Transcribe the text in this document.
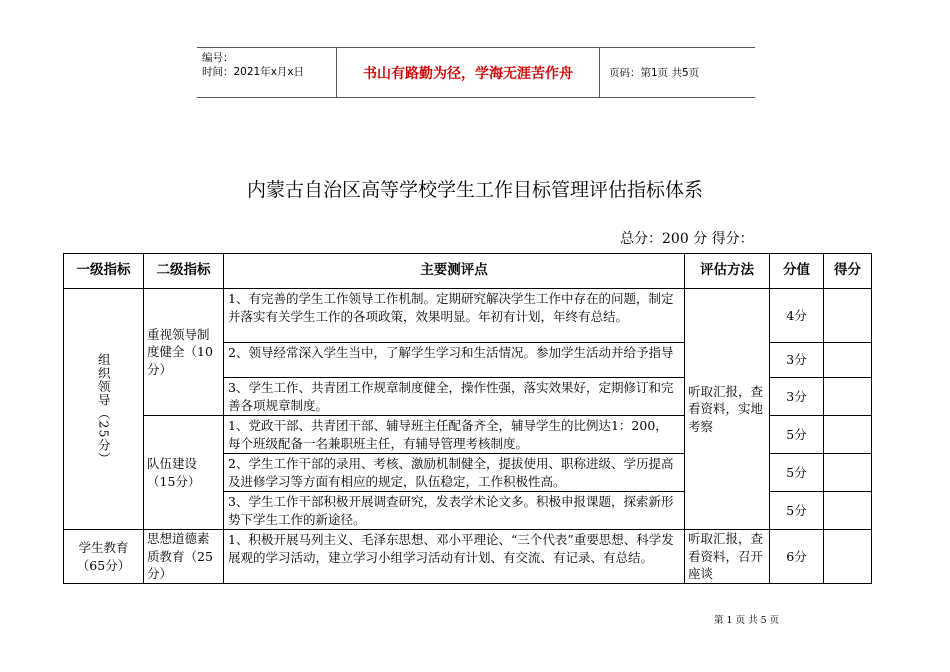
编号：
时间：2021年x月x日	书山有路勤为径，学海无涯苦作舟	页码：第1页 共5页
内蒙古自治区高等学校学生工作目标管理评估指标体系
总分：200 分 得分：
一级指标	二级指标	主要测评点	评估方法	分值	得分
组织领导（25分）	重视领导制度健全（10分）	1、有完善的学生工作领导工作机制。定期研究解决学生工作中存在的问题，制定并落实有关学生工作的各项政策，效果明显。年初有计划，年终有总结。	听取汇报，查看资料，实地考察	4分	
		2、领导经常深入学生当中，了解学生学习和生活情况。参加学生活动并给予指导		3分	
		3、学生工作、共青团工作规章制度健全，操作性强，落实效果好，定期修订和完善各项规章制度。		3分	
	队伍建设（15分）	1、党政干部、共青团干部、辅导班主任配备齐全，辅导学生的比例达1：200，每个班级配备一名兼职班主任，有辅导管理考核制度。		5分	
		2、学生工作干部的录用、考核、激励机制健全，提拔使用、职称进级、学历提高及进修学习等方面有相应的规定，队伍稳定，工作积极性高。		5分	
		3、学生工作干部积极开展调查研究，发表学术论文多。积极申报课题，探索新形势下学生工作的新途径。		5分	
学生教育（65分）	思想道德素质教育（25分）	1、积极开展马列主义、毛泽东思想、邓小平理论、“三个代表”重要思想、科学发展观的学习活动，建立学习小组学习活动有计划、有交流、有记录、有总结。	听取汇报，查看资料，召开座谈	6分	
第 1 页 共 5 页
